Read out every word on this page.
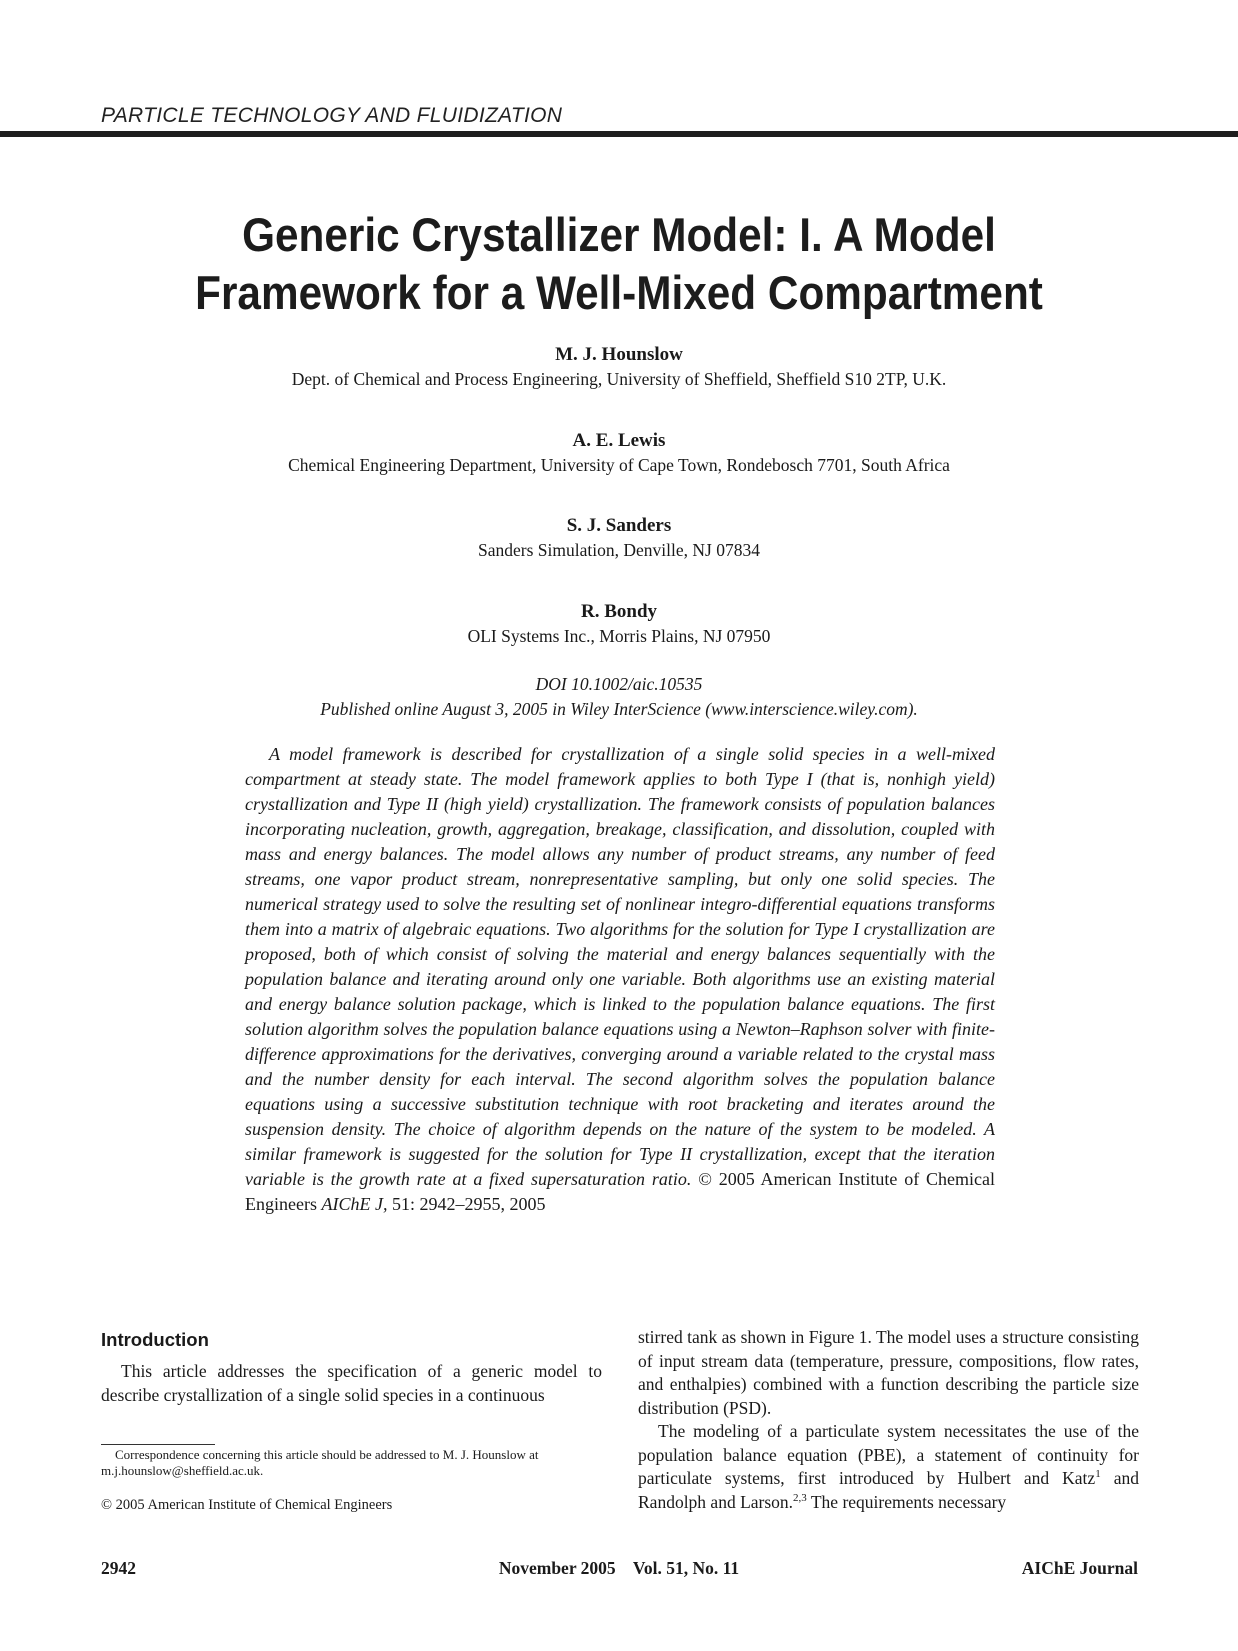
PARTICLE TECHNOLOGY AND FLUIDIZATION
Generic Crystallizer Model: I. A Model
Framework for a Well-Mixed Compartment
M. J. Hounslow
Dept. of Chemical and Process Engineering, University of Sheffield, Sheffield S10 2TP, U.K.
A. E. Lewis
Chemical Engineering Department, University of Cape Town, Rondebosch 7701, South Africa
S. J. Sanders
Sanders Simulation, Denville, NJ 07834
R. Bondy
OLI Systems Inc., Morris Plains, NJ 07950
DOI 10.1002/aic.10535
Published online August 3, 2005 in Wiley InterScience (www.interscience.wiley.com).
A model framework is described for crystallization of a single solid species in a well-mixed compartment at steady state. The model framework applies to both Type I (that is, nonhigh yield) crystallization and Type II (high yield) crystallization. The framework consists of population balances incorporating nucleation, growth, aggregation, breakage, classification, and dissolution, coupled with mass and energy balances. The model allows any number of product streams, any number of feed streams, one vapor product stream, nonrepresentative sampling, but only one solid species. The numerical strategy used to solve the resulting set of nonlinear integro-differential equations transforms them into a matrix of algebraic equations. Two algorithms for the solution for Type I crystallization are proposed, both of which consist of solving the material and energy balances sequentially with the population balance and iterating around only one variable. Both algorithms use an existing material and energy balance solution package, which is linked to the population balance equations. The first solution algorithm solves the population balance equations using a Newton–Raphson solver with finite-difference approximations for the derivatives, converging around a variable related to the crystal mass and the number density for each interval. The second algorithm solves the population balance equations using a successive substitution technique with root bracketing and iterates around the suspension density. The choice of algorithm depends on the nature of the system to be modeled. A similar framework is suggested for the solution for Type II crystallization, except that the iteration variable is the growth rate at a fixed supersaturation ratio. © 2005 American Institute of Chemical Engineers AIChE J, 51: 2942–2955, 2005
Introduction

This article addresses the specification of a generic model to describe crystallization of a single solid species in a continuous

Correspondence concerning this article should be addressed to M. J. Hounslow at m.j.hounslow@sheffield.ac.uk.

© 2005 American Institute of Chemical Engineers

stirred tank as shown in Figure 1. The model uses a structure consisting of input stream data (temperature, pressure, compositions, flow rates, and enthalpies) combined with a function describing the particle size distribution (PSD).

The modeling of a particulate system necessitates the use of the population balance equation (PBE), a statement of continuity for particulate systems, first introduced by Hulbert and Katz$^1$ and Randolph and Larson.$^{2,3}$ The requirements necessary

2942	November 2005    Vol. 51, No. 11	AIChE Journal
